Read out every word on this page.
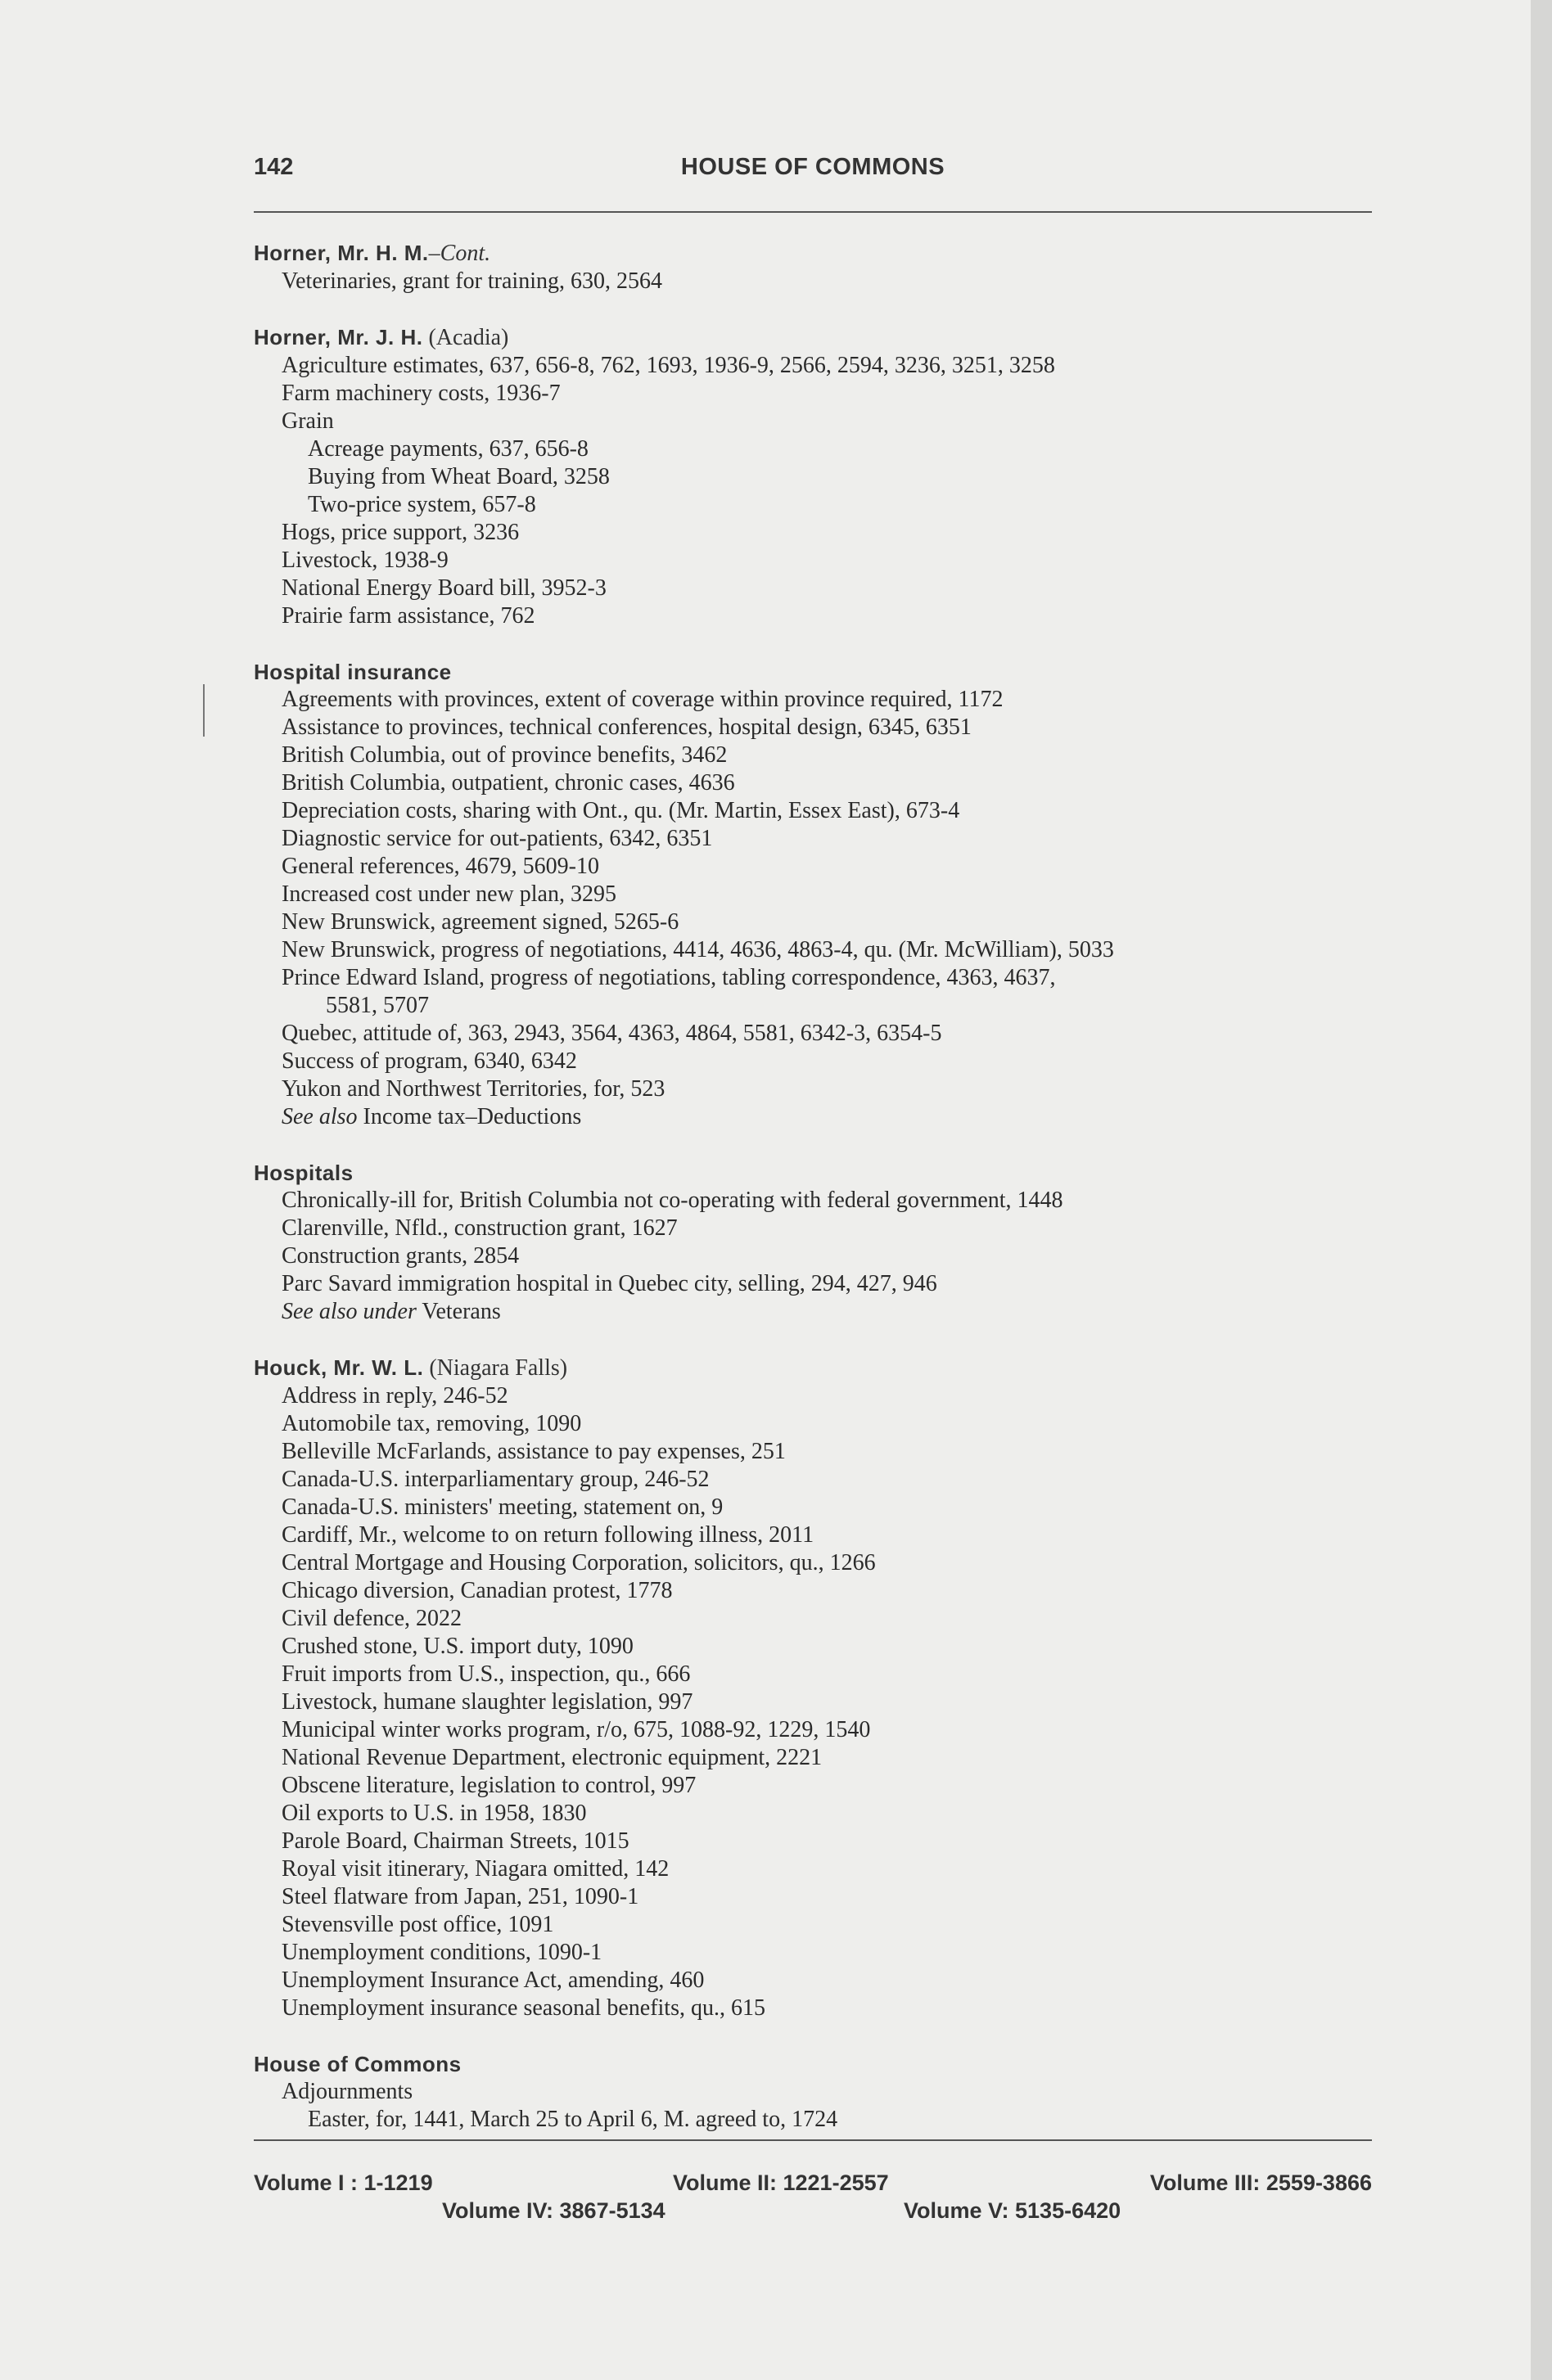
142	HOUSE OF COMMONS
Horner, Mr. H. M.–Cont.
Veterinaries, grant for training, 630, 2564
Horner, Mr. J. H. (Acadia)
Agriculture estimates, 637, 656-8, 762, 1693, 1936-9, 2566, 2594, 3236, 3251, 3258
Farm machinery costs, 1936-7
Grain
Acreage payments, 637, 656-8
Buying from Wheat Board, 3258
Two-price system, 657-8
Hogs, price support, 3236
Livestock, 1938-9
National Energy Board bill, 3952-3
Prairie farm assistance, 762
Hospital insurance
Agreements with provinces, extent of coverage within province required, 1172
Assistance to provinces, technical conferences, hospital design, 6345, 6351
British Columbia, out of province benefits, 3462
British Columbia, outpatient, chronic cases, 4636
Depreciation costs, sharing with Ont., qu. (Mr. Martin, Essex East), 673-4
Diagnostic service for out-patients, 6342, 6351
General references, 4679, 5609-10
Increased cost under new plan, 3295
New Brunswick, agreement signed, 5265-6
New Brunswick, progress of negotiations, 4414, 4636, 4863-4, qu. (Mr. McWilliam), 5033
Prince Edward Island, progress of negotiations, tabling correspondence, 4363, 4637,
5581, 5707
Quebec, attitude of, 363, 2943, 3564, 4363, 4864, 5581, 6342-3, 6354-5
Success of program, 6340, 6342
Yukon and Northwest Territories, for, 523
See also Income tax–Deductions
Hospitals
Chronically-ill for, British Columbia not co-operating with federal government, 1448
Clarenville, Nfld., construction grant, 1627
Construction grants, 2854
Parc Savard immigration hospital in Quebec city, selling, 294, 427, 946
See also under Veterans
Houck, Mr. W. L. (Niagara Falls)
Address in reply, 246-52
Automobile tax, removing, 1090
Belleville McFarlands, assistance to pay expenses, 251
Canada-U.S. interparliamentary group, 246-52
Canada-U.S. ministers' meeting, statement on, 9
Cardiff, Mr., welcome to on return following illness, 2011
Central Mortgage and Housing Corporation, solicitors, qu., 1266
Chicago diversion, Canadian protest, 1778
Civil defence, 2022
Crushed stone, U.S. import duty, 1090
Fruit imports from U.S., inspection, qu., 666
Livestock, humane slaughter legislation, 997
Municipal winter works program, r/o, 675, 1088-92, 1229, 1540
National Revenue Department, electronic equipment, 2221
Obscene literature, legislation to control, 997
Oil exports to U.S. in 1958, 1830
Parole Board, Chairman Streets, 1015
Royal visit itinerary, Niagara omitted, 142
Steel flatware from Japan, 251, 1090-1
Stevensville post office, 1091
Unemployment conditions, 1090-1
Unemployment Insurance Act, amending, 460
Unemployment insurance seasonal benefits, qu., 615
House of Commons
Adjournments
Easter, for, 1441, March 25 to April 6, M. agreed to, 1724
Volume I : 1-1219	Volume II: 1221-2557	Volume III: 2559-3866
Volume IV: 3867-5134	Volume V: 5135-6420
